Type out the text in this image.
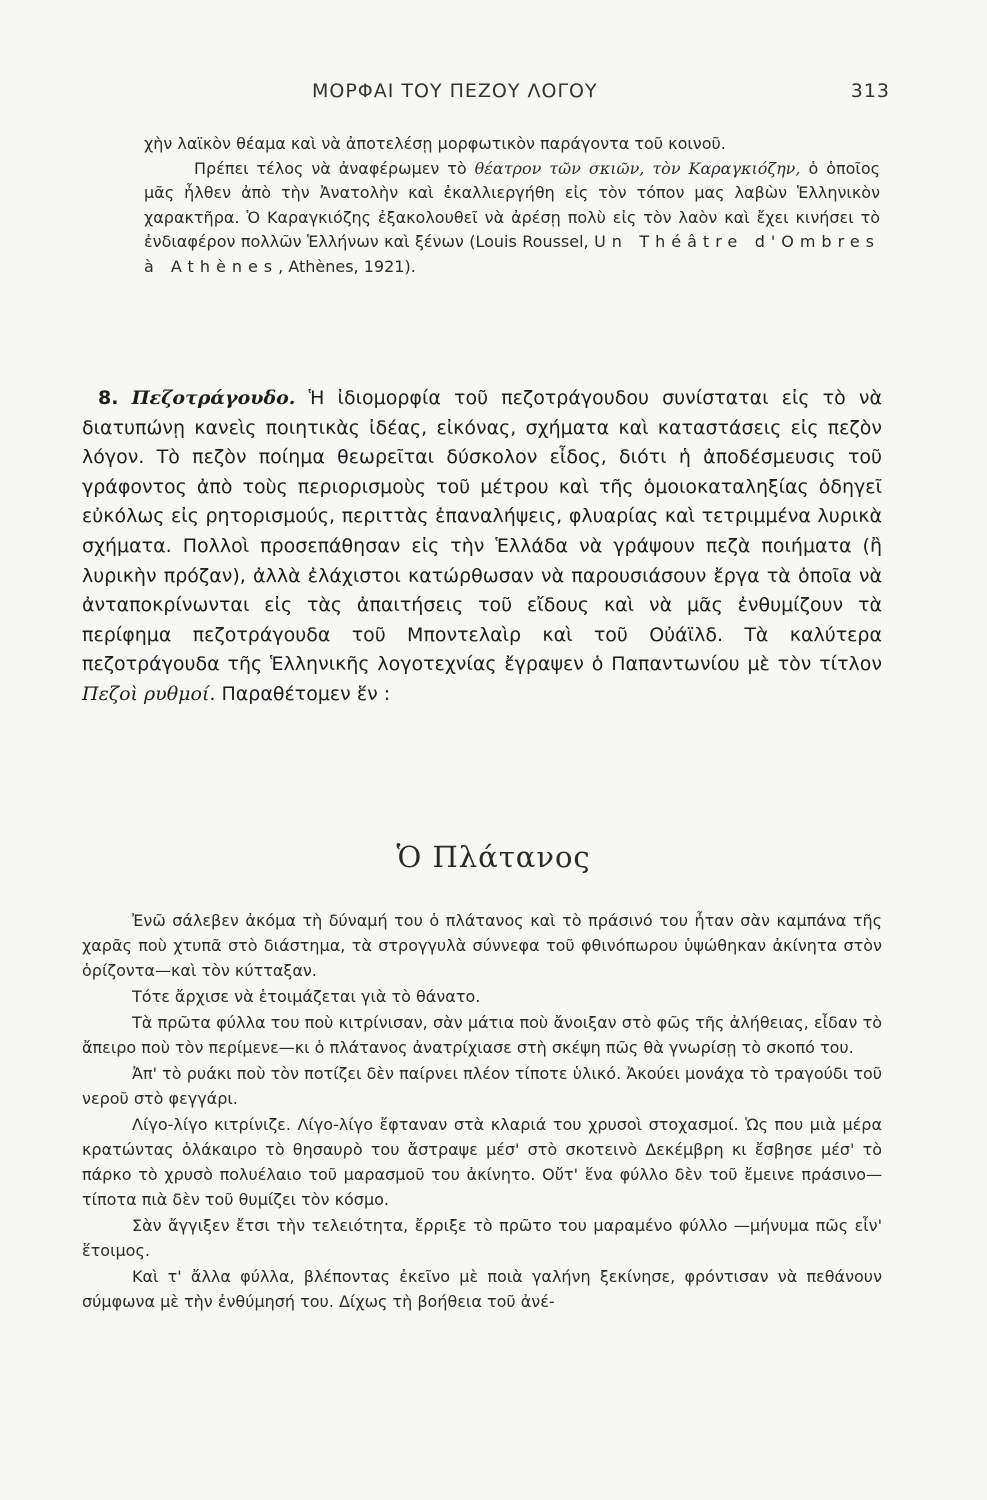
ΜΟΡΦΑΙ ΤΟΥ ΠΕΖΟΥ ΛΟΓΟΥ	313

χὴν λαϊκὸν θέαμα καὶ νὰ ἀποτελέσῃ μορφωτικὸν παράγοντα τοῦ κοινοῦ.

Πρέπει τέλος νὰ ἀναφέρωμεν τὸ θέατρον τῶν σκιῶν, τὸν Καραγκιόζην, ὁ ὁποῖος μᾶς ἦλθεν ἀπὸ τὴν Ἀνατολὴν καὶ ἐκαλλιεργήθη εἰς τὸν τόπον μας λαβὼν Ἑλληνικὸν χαρακτῆρα. Ὁ Καραγκιόζης ἐξακολουθεῖ νὰ ἀρέσῃ πολὺ εἰς τὸν λαὸν καὶ ἔχει κινήσει τὸ ἐνδιαφέρον πολλῶν Ἑλλήνων καὶ ξένων (Louis Roussel, Un Théâtre d'Ombres à Athènes, Athènes, 1921).

8. Πεζοτράγουδο. Ἡ ἰδιομορφία τοῦ πεζοτράγουδου συνίσταται εἰς τὸ νὰ διατυπώνῃ κανεὶς ποιητικὰς ἰδέας, εἰκόνας, σχήματα καὶ καταστάσεις εἰς πεζὸν λόγον. Τὸ πεζὸν ποίημα θεωρεῖται δύσκολον εἶδος, διότι ἡ ἀποδέσμευσις τοῦ γράφοντος ἀπὸ τοὺς περιορισμοὺς τοῦ μέτρου καὶ τῆς ὁμοιοκαταληξίας ὁδηγεῖ εὐκόλως εἰς ρητορισμούς, περιττὰς ἐπαναλήψεις, φλυαρίας καὶ τετριμμένα λυρικὰ σχήματα. Πολλοὶ προσεπάθησαν εἰς τὴν Ἑλλάδα νὰ γράψουν πεζὰ ποιήματα (ἢ λυρικὴν πρόζαν), ἀλλὰ ἐλάχιστοι κατώρθωσαν νὰ παρουσιάσουν ἔργα τὰ ὁποῖα νὰ ἀνταποκρίνωνται εἰς τὰς ἀπαιτήσεις τοῦ εἴδους καὶ νὰ μᾶς ἐνθυμίζουν τὰ περίφημα πεζοτράγουδα τοῦ Μποντελαὶρ καὶ τοῦ Οὐάϊλδ. Τὰ καλύτερα πεζοτράγουδα τῆς Ἑλληνικῆς λογοτεχνίας ἔγραψεν ὁ Παπαντωνίου μὲ τὸν τίτλον Πεζοὶ ρυθμοί. Παραθέτομεν ἕν :

Ὁ Πλάτανος

Ἐνῶ σάλεβεν ἀκόμα τὴ δύναμή του ὁ πλάτανος καὶ τὸ πράσινό του ἦταν σὰν καμπάνα τῆς χαρᾶς ποὺ χτυπᾶ στὸ διάστημα, τὰ στρογγυλὰ σύννεφα τοῦ φθινόπωρου ὑψώθηκαν ἀκίνητα στὸν ὁρίζοντα—καὶ τὸν κύτταξαν.

Τότε ἄρχισε νὰ ἑτοιμάζεται γιὰ τὸ θάνατο.

Τὰ πρῶτα φύλλα του ποὺ κιτρίνισαν, σὰν μάτια ποὺ ἄνοιξαν στὸ φῶς τῆς ἀλήθειας, εἶδαν τὸ ἄπειρο ποὺ τὸν περίμενε—κι ὁ πλάτανος ἀνατρίχιασε στὴ σκέψη πῶς θὰ γνωρίσῃ τὸ σκοπό του.

Ἀπ' τὸ ρυάκι ποὺ τὸν ποτίζει δὲν παίρνει πλέον τίποτε ὑλικό. Ἀκούει μονάχα τὸ τραγούδι τοῦ νεροῦ στὸ φεγγάρι.

Λίγο-λίγο κιτρίνιζε. Λίγο-λίγο ἔφταναν στὰ κλαριά του χρυσοὶ στοχασμοί. Ὡς που μιὰ μέρα κρατώντας ὁλάκαιρο τὸ θησαυρὸ του ἄστραψε μέσ' στὸ σκοτεινὸ Δεκέμβρη κι ἔσβησε μέσ' τὸ πάρκο τὸ χρυσὸ πολυέλαιο τοῦ μαρασμοῦ του ἀκίνητο. Οὔτ' ἕνα φύλλο δὲν τοῦ ἔμεινε πράσινο—τίποτα πιὰ δὲν τοῦ θυμίζει τὸν κόσμο.

Σὰν ἄγγιξεν ἔτσι τὴν τελειότητα, ἔρριξε τὸ πρῶτο του μαραμένο φύλλο —μήνυμα πῶς εἶν' ἕτοιμος.

Καὶ τ' ἄλλα φύλλα, βλέποντας ἐκεῖνο μὲ ποιὰ γαλήνη ξεκίνησε, φρόντισαν νὰ πεθάνουν σύμφωνα μὲ τὴν ἐνθύμησή του. Δίχως τὴ βοήθεια τοῦ ἀνέ-
